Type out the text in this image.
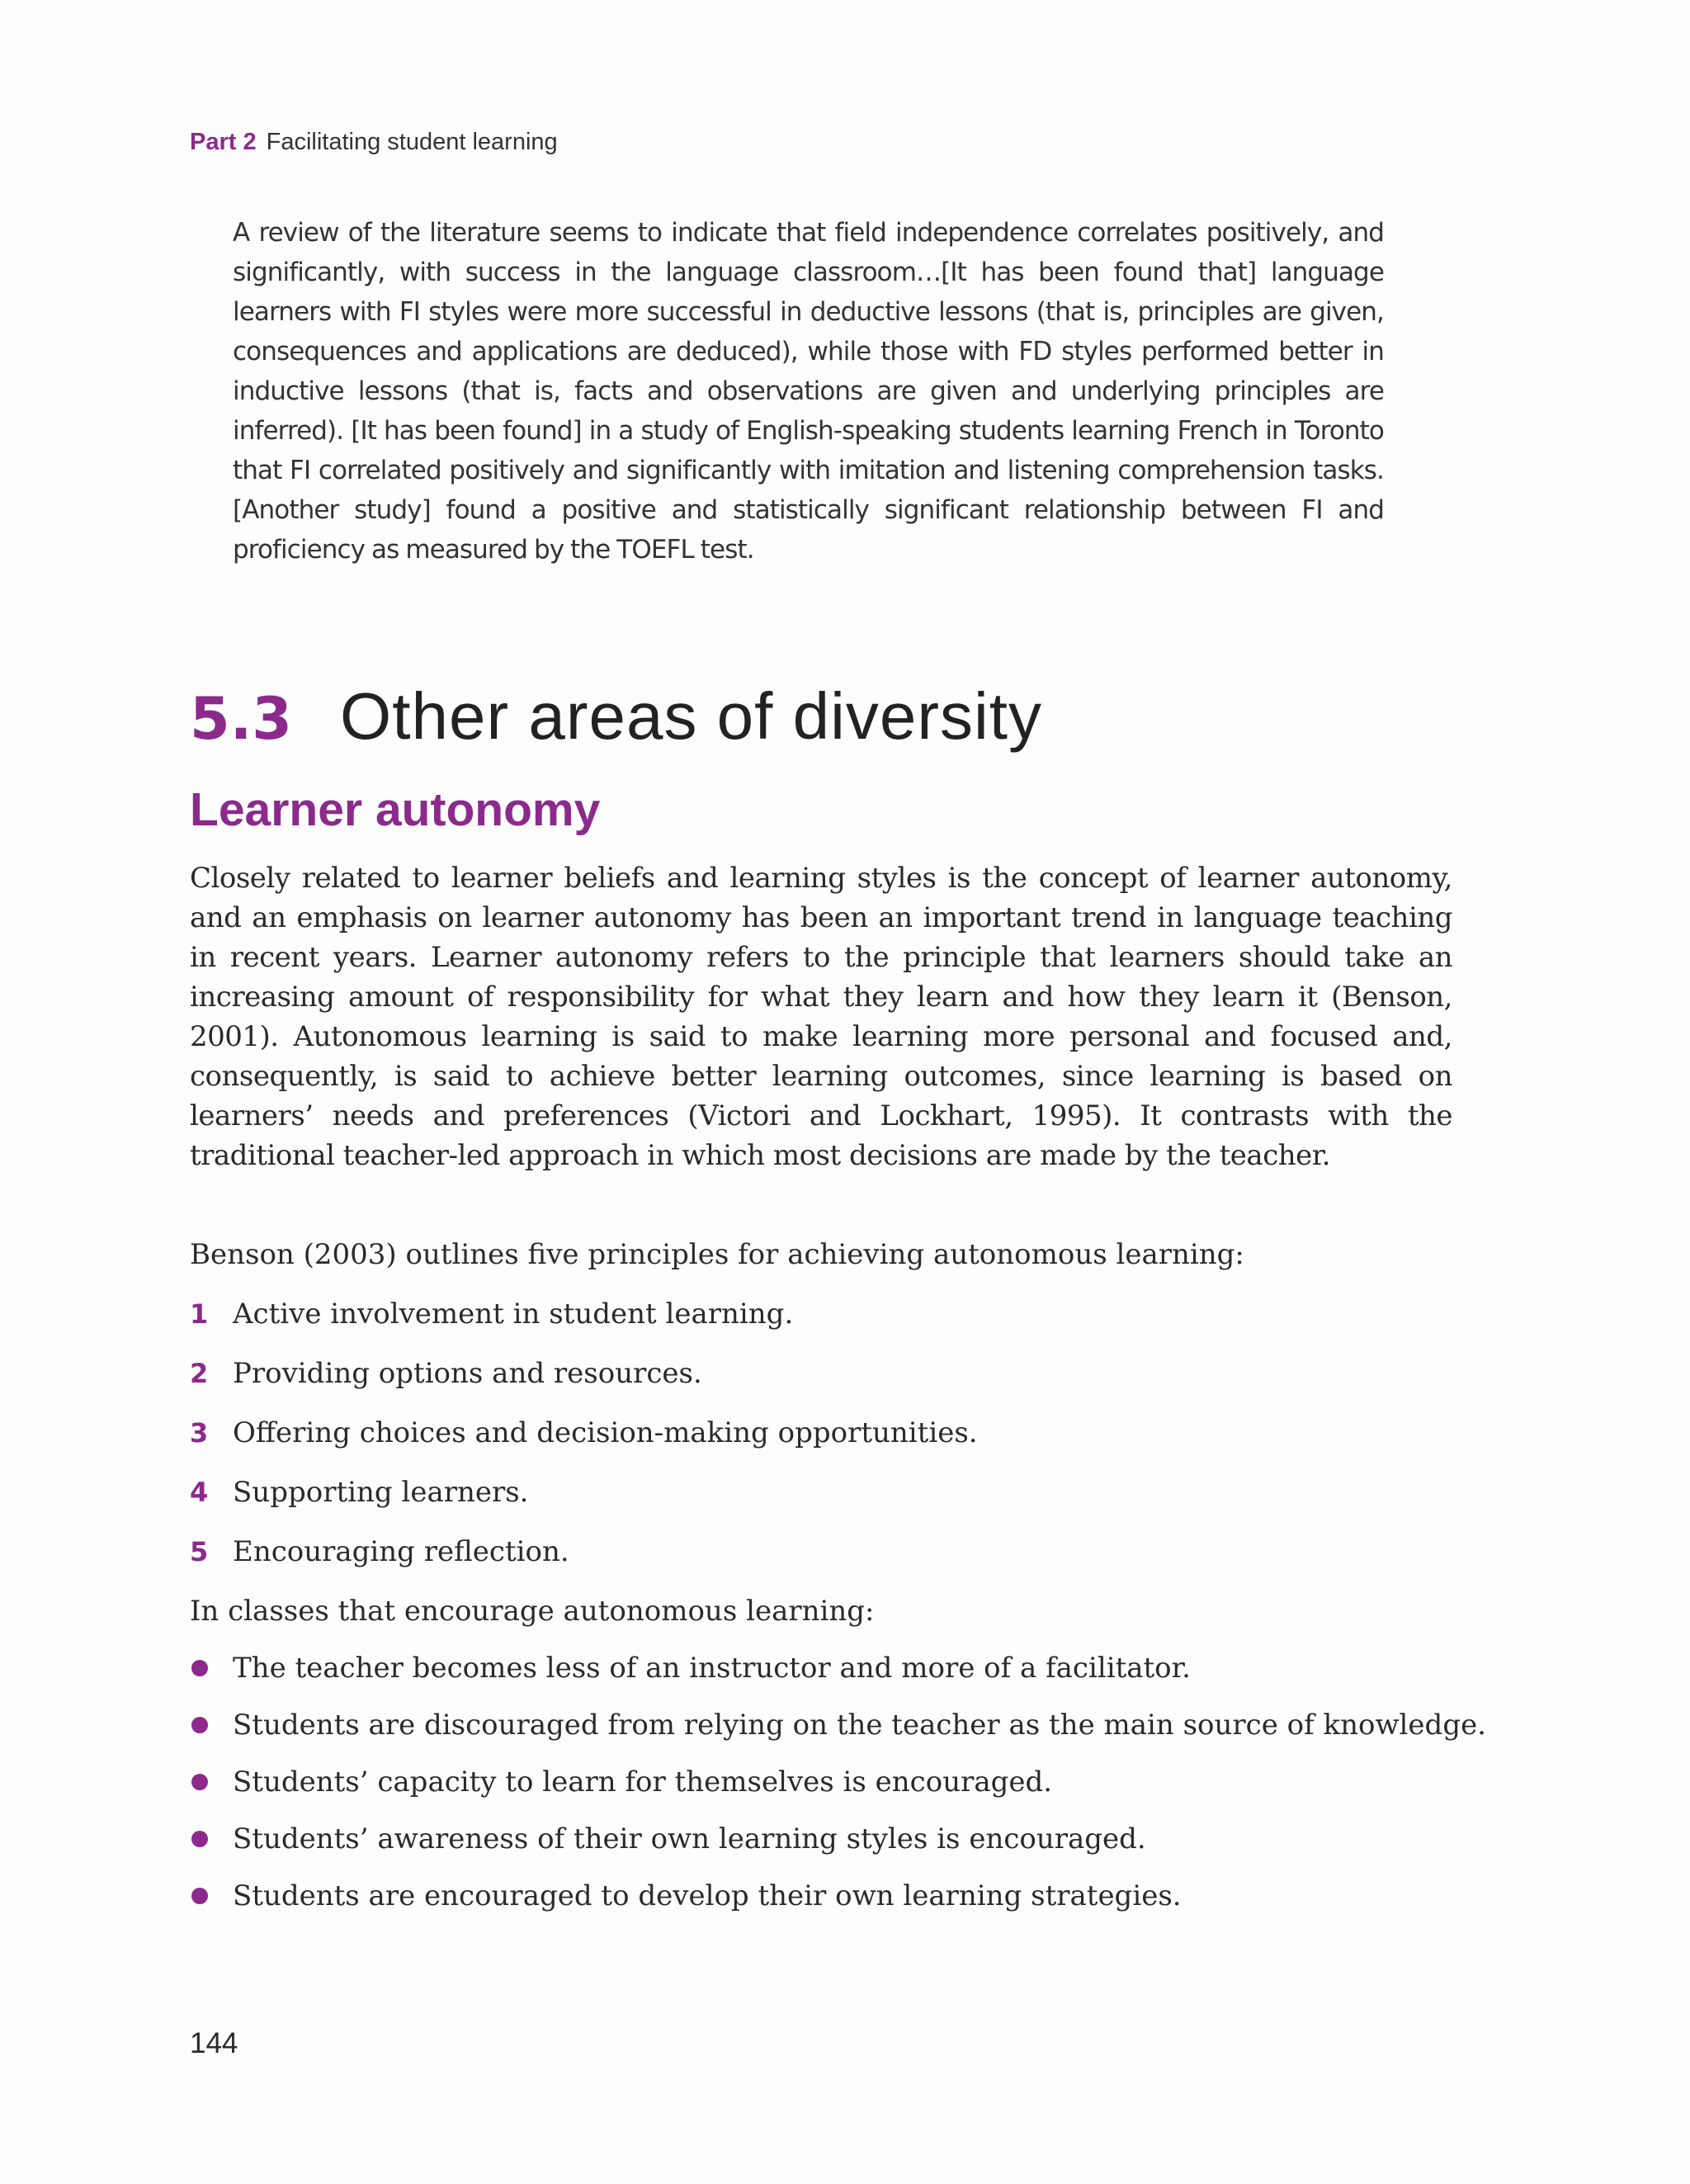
Part 2 Facilitating student learning

A review of the literature seems to indicate that field independence correlates positively, and significantly, with success in the language classroom…[It has been found that] language learners with FI styles were more successful in deductive lessons (that is, principles are given, consequences and applications are deduced), while those with FD styles performed better in inductive lessons (that is, facts and observations are given and underlying principles are inferred). [It has been found] in a study of English-speaking students learning French in Toronto that FI correlated positively and significantly with imitation and listening comprehension tasks. [Another study] found a positive and statistically significant relationship between FI and proficiency as measured by the TOEFL test.

5.3 Other areas of diversity
Learner autonomy

Closely related to learner beliefs and learning styles is the concept of learner autonomy, and an emphasis on learner autonomy has been an important trend in language teaching in recent years. Learner autonomy refers to the principle that learners should take an increasing amount of responsibility for what they learn and how they learn it (Benson, 2001). Autonomous learning is said to make learning more personal and focused and, consequently, is said to achieve better learning outcomes, since learning is based on learners’ needs and preferences (Victori and Lockhart, 1995). It contrasts with the traditional teacher-led approach in which most decisions are made by the teacher.

Benson (2003) outlines five principles for achieving autonomous learning:

1 Active involvement in student learning.
2 Providing options and resources.
3 Offering choices and decision-making opportunities.
4 Supporting learners.
5 Encouraging reflection.

In classes that encourage autonomous learning:

The teacher becomes less of an instructor and more of a facilitator.
Students are discouraged from relying on the teacher as the main source of knowledge.
Students’ capacity to learn for themselves is encouraged.
Students’ awareness of their own learning styles is encouraged.
Students are encouraged to develop their own learning strategies.
144
